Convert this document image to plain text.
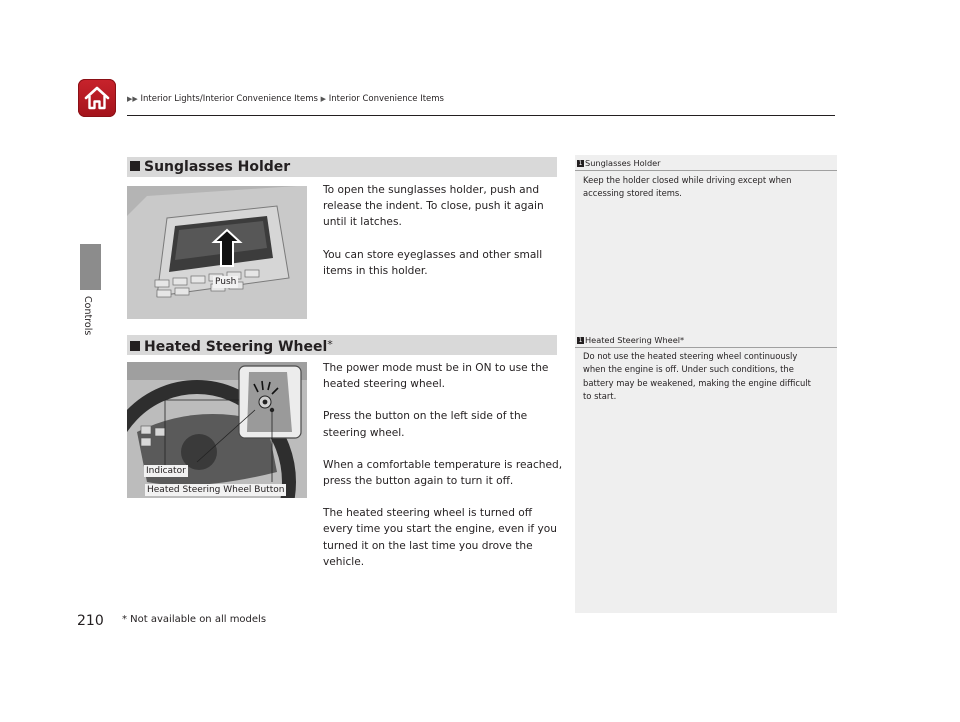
▶▶ Interior Lights/Interior Convenience Items ▶ Interior Convenience Items
Controls
Sunglasses Holder
Push

To open the sunglasses holder, push and release the indent. To close, push it again until it latches.

You can store eyeglasses and other small items in this holder.

Heated Steering Wheel*
Indicator
Heated Steering Wheel Button

The power mode must be in ON to use the heated steering wheel.

Press the button on the left side of the steering wheel.

When a comfortable temperature is reached, press the button again to turn it off.

The heated steering wheel is turned off every time you start the engine, even if you turned it on the last time you drove the vehicle.

1 Sunglasses Holder
Keep the holder closed while driving except when accessing stored items.
1 Heated Steering Wheel*
Do not use the heated steering wheel continuously when the engine is off. Under such conditions, the battery may be weakened, making the engine difficult to start.
210 * Not available on all models
